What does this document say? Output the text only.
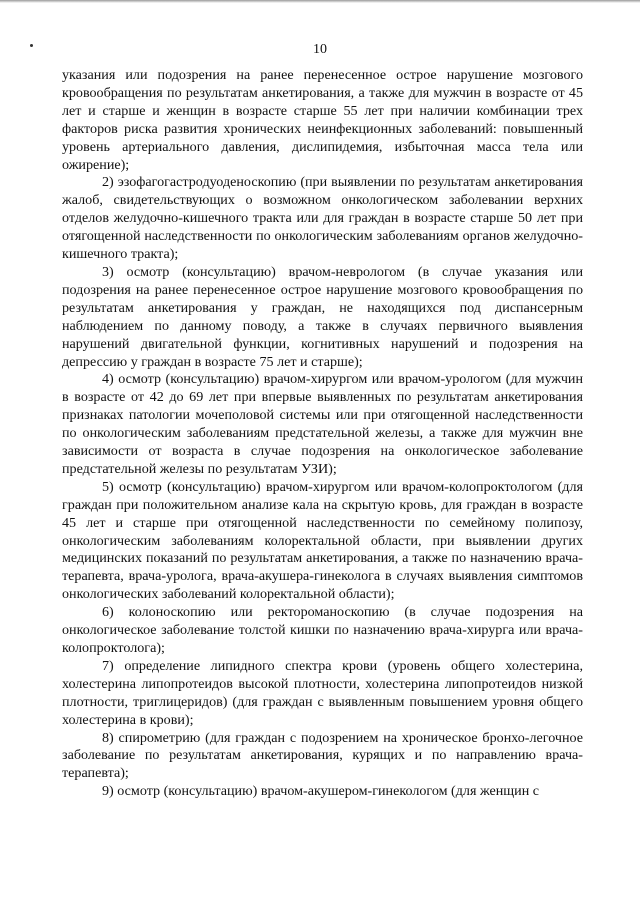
10

указания или подозрения на ранее перенесенное острое нарушение мозгового кровообращения по результатам анкетирования, а также для мужчин в возрасте от 45 лет и старше и женщин в возрасте старше 55 лет при наличии комбинации трех факторов риска развития хронических неинфекционных заболеваний: повышенный уровень артериального давления, дислипидемия, избыточная масса тела или ожирение);

2) эзофагогастродуоденоскопию (при выявлении по результатам анкетирования жалоб, свидетельствующих о возможном онкологическом заболевании верхних отделов желудочно-кишечного тракта или для граждан в возрасте старше 50 лет при отягощенной наследственности по онкологическим заболеваниям органов желудочно-кишечного тракта);

3) осмотр (консультацию) врачом-неврологом (в случае указания или подозрения на ранее перенесенное острое нарушение мозгового кровообращения по результатам анкетирования у граждан, не находящихся под диспансерным наблюдением по данному поводу, а также в случаях первичного выявления нарушений двигательной функции, когнитивных нарушений и подозрения на депрессию у граждан в возрасте 75 лет и старше);

4) осмотр (консультацию) врачом-хирургом или врачом-урологом (для мужчин в возрасте от 42 до 69 лет при впервые выявленных по результатам анкетирования признаках патологии мочеполовой системы или при отягощенной наследственности по онкологическим заболеваниям предстательной железы, а также для мужчин вне зависимости от возраста в случае подозрения на онкологическое заболевание предстательной железы по результатам УЗИ);

5) осмотр (консультацию) врачом-хирургом или врачом-колопроктологом (для граждан при положительном анализе кала на скрытую кровь, для граждан в возрасте 45 лет и старше при отягощенной наследственности по семейному полипозу, онкологическим заболеваниям колоректальной области, при выявлении других медицинских показаний по результатам анкетирования, а также по назначению врача-терапевта, врача-уролога, врача-акушера-гинеколога в случаях выявления симптомов онкологических заболеваний колоректальной области);

6) колоноскопию или ректороманоскопию (в случае подозрения на онкологическое заболевание толстой кишки по назначению врача-хирурга или врача-колопроктолога);

7) определение липидного спектра крови (уровень общего холестерина, холестерина липопротеидов высокой плотности, холестерина липопротеидов низкой плотности, триглицеридов) (для граждан с выявленным повышением уровня общего холестерина в крови);

8) спирометрию (для граждан с подозрением на хроническое бронхо-легочное заболевание по результатам анкетирования, курящих и по направлению врача-терапевта);

9) осмотр (консультацию) врачом-акушером-гинекологом (для женщин с
